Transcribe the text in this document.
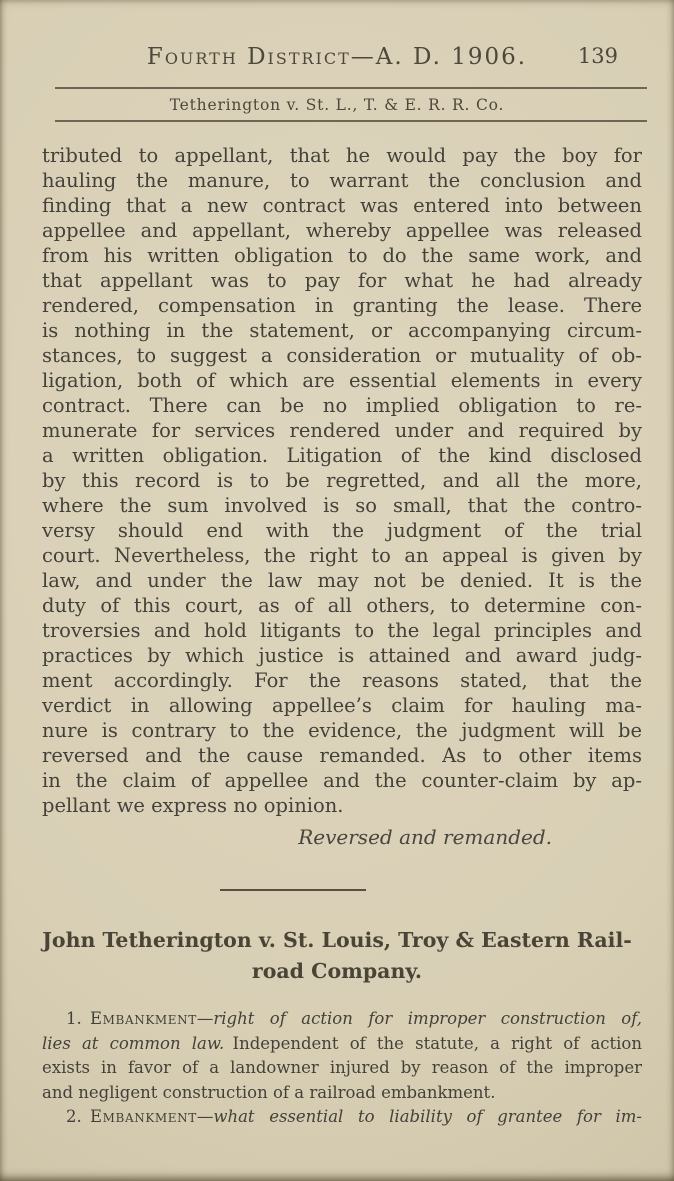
Fourth District—A. D. 1906.	139
Tetherington v. St. L., T. & E. R. R. Co.
tributed to appellant, that he would pay the boy for
hauling the manure, to warrant the conclusion and
finding that a new contract was entered into between
appellee and appellant, whereby appellee was released
from his written obligation to do the same work, and
that appellant was to pay for what he had already
rendered, compensation in granting the lease. There
is nothing in the statement, or accompanying circum-
stances, to suggest a consideration or mutuality of ob-
ligation, both of which are essential elements in every
contract. There can be no implied obligation to re-
munerate for services rendered under and required by
a written obligation. Litigation of the kind disclosed
by this record is to be regretted, and all the more,
where the sum involved is so small, that the contro-
versy should end with the judgment of the trial
court. Nevertheless, the right to an appeal is given by
law, and under the law may not be denied. It is the
duty of this court, as of all others, to determine con-
troversies and hold litigants to the legal principles and
practices by which justice is attained and award judg-
ment accordingly. For the reasons stated, that the
verdict in allowing appellee’s claim for hauling ma-
nure is contrary to the evidence, the judgment will be
reversed and the cause remanded. As to other items
in the claim of appellee and the counter-claim by ap-
pellant we express no opinion.
Reversed and remanded.
John Tetherington v. St. Louis, Troy & Eastern Rail-
road Company.
1. Embankment—right of action for improper construction of,
lies at common law. Independent of the statute, a right of action
exists in favor of a landowner injured by reason of the improper
and negligent construction of a railroad embankment.
2. Embankment—what essential to liability of grantee for im-
